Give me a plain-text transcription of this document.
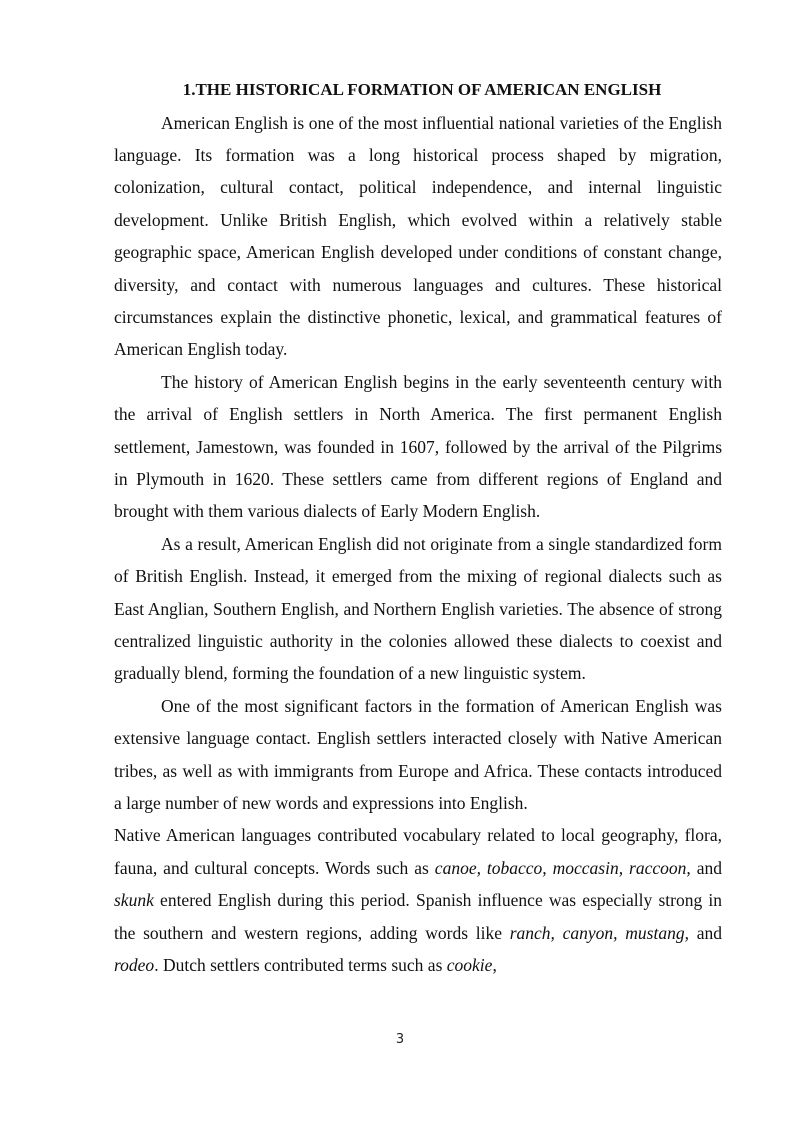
1.THE HISTORICAL FORMATION OF AMERICAN ENGLISH

American English is one of the most influential national varieties of the English language. Its formation was a long historical process shaped by migration, colonization, cultural contact, political independence, and internal linguistic development. Unlike British English, which evolved within a relatively stable geographic space, American English developed under conditions of constant change, diversity, and contact with numerous languages and cultures. These historical circumstances explain the distinctive phonetic, lexical, and grammatical features of American English today.

The history of American English begins in the early seventeenth century with the arrival of English settlers in North America. The first permanent English settlement, Jamestown, was founded in 1607, followed by the arrival of the Pilgrims in Plymouth in 1620. These settlers came from different regions of England and brought with them various dialects of Early Modern English.

As a result, American English did not originate from a single standardized form of British English. Instead, it emerged from the mixing of regional dialects such as East Anglian, Southern English, and Northern English varieties. The absence of strong centralized linguistic authority in the colonies allowed these dialects to coexist and gradually blend, forming the foundation of a new linguistic system.

One of the most significant factors in the formation of American English was extensive language contact. English settlers interacted closely with Native American tribes, as well as with immigrants from Europe and Africa. These contacts introduced a large number of new words and expressions into English.

Native American languages contributed vocabulary related to local geography, flora, fauna, and cultural concepts. Words such as canoe, tobacco, moccasin, raccoon, and skunk entered English during this period. Spanish influence was especially strong in the southern and western regions, adding words like ranch, canyon, mustang, and rodeo. Dutch settlers contributed terms such as cookie,

3
